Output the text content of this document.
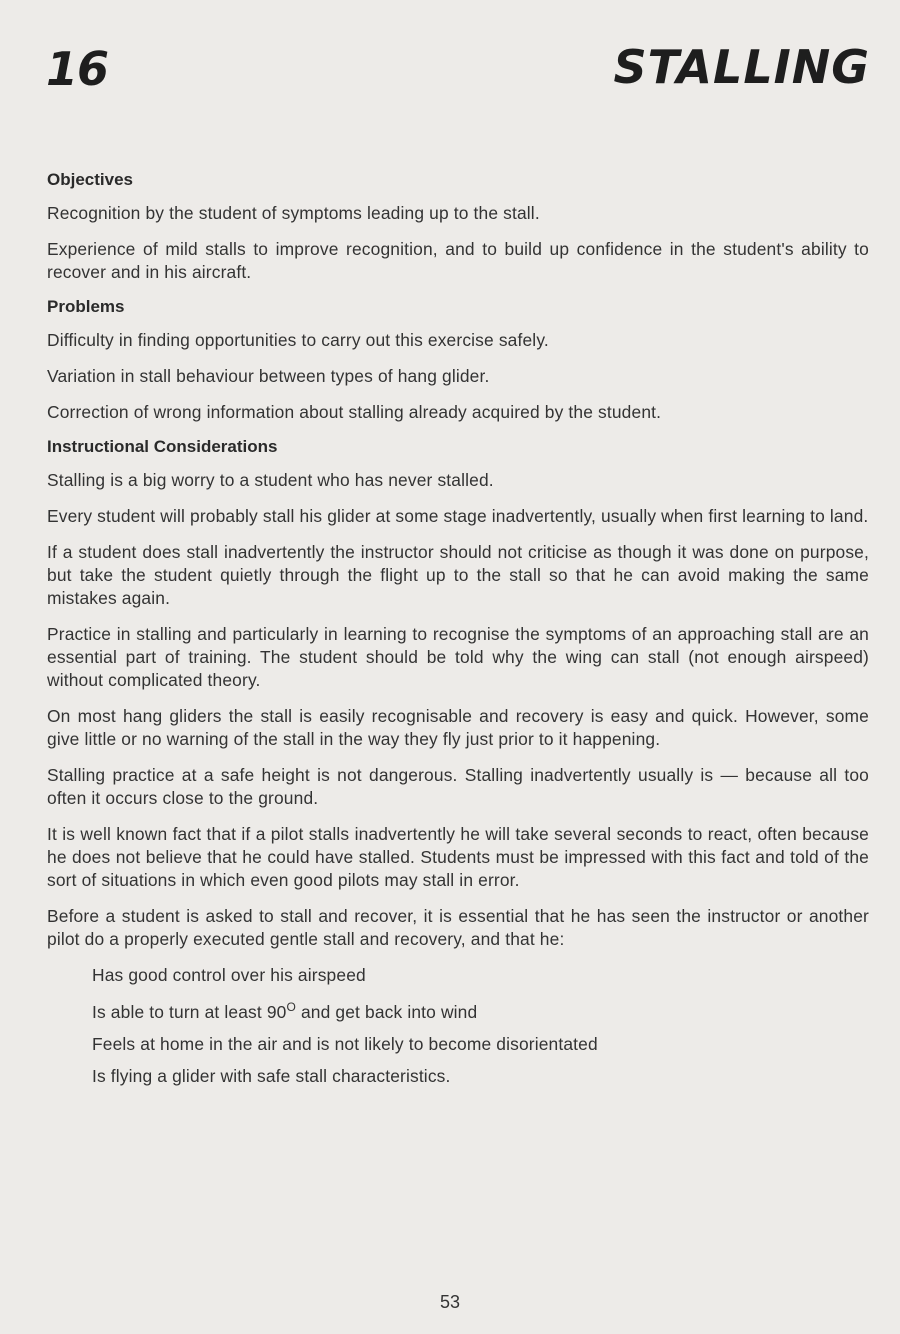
16	STALLING
Objectives

Recognition by the student of symptoms leading up to the stall.

Experience of mild stalls to improve recognition, and to build up confidence in the student's ability to recover and in his aircraft.

Problems

Difficulty in finding opportunities to carry out this exercise safely.

Variation in stall behaviour between types of hang glider.

Correction of wrong information about stalling already acquired by the student.

Instructional Considerations

Stalling is a big worry to a student who has never stalled.

Every student will probably stall his glider at some stage inadvertently, usually when first learning to land.

If a student does stall inadvertently the instructor should not criticise as though it was done on purpose, but take the student quietly through the flight up to the stall so that he can avoid making the same mistakes again.

Practice in stalling and particularly in learning to recognise the symptoms of an approaching stall are an essential part of training. The student should be told why the wing can stall (not enough airspeed) without complicated theory.

On most hang gliders the stall is easily recognisable and recovery is easy and quick. However, some give little or no warning of the stall in the way they fly just prior to it happening.

Stalling practice at a safe height is not dangerous. Stalling inadvertently usually is — because all too often it occurs close to the ground.

It is well known fact that if a pilot stalls inadvertently he will take several seconds to react, often because he does not believe that he could have stalled. Students must be impressed with this fact and told of the sort of situations in which even good pilots may stall in error.

Before a student is asked to stall and recover, it is essential that he has seen the instructor or another pilot do a properly executed gentle stall and recovery, and that he:

Has good control over his airspeed
Is able to turn at least $90^O$ and get back into wind
Feels at home in the air and is not likely to become disorientated
Is flying a glider with safe stall characteristics.
53
